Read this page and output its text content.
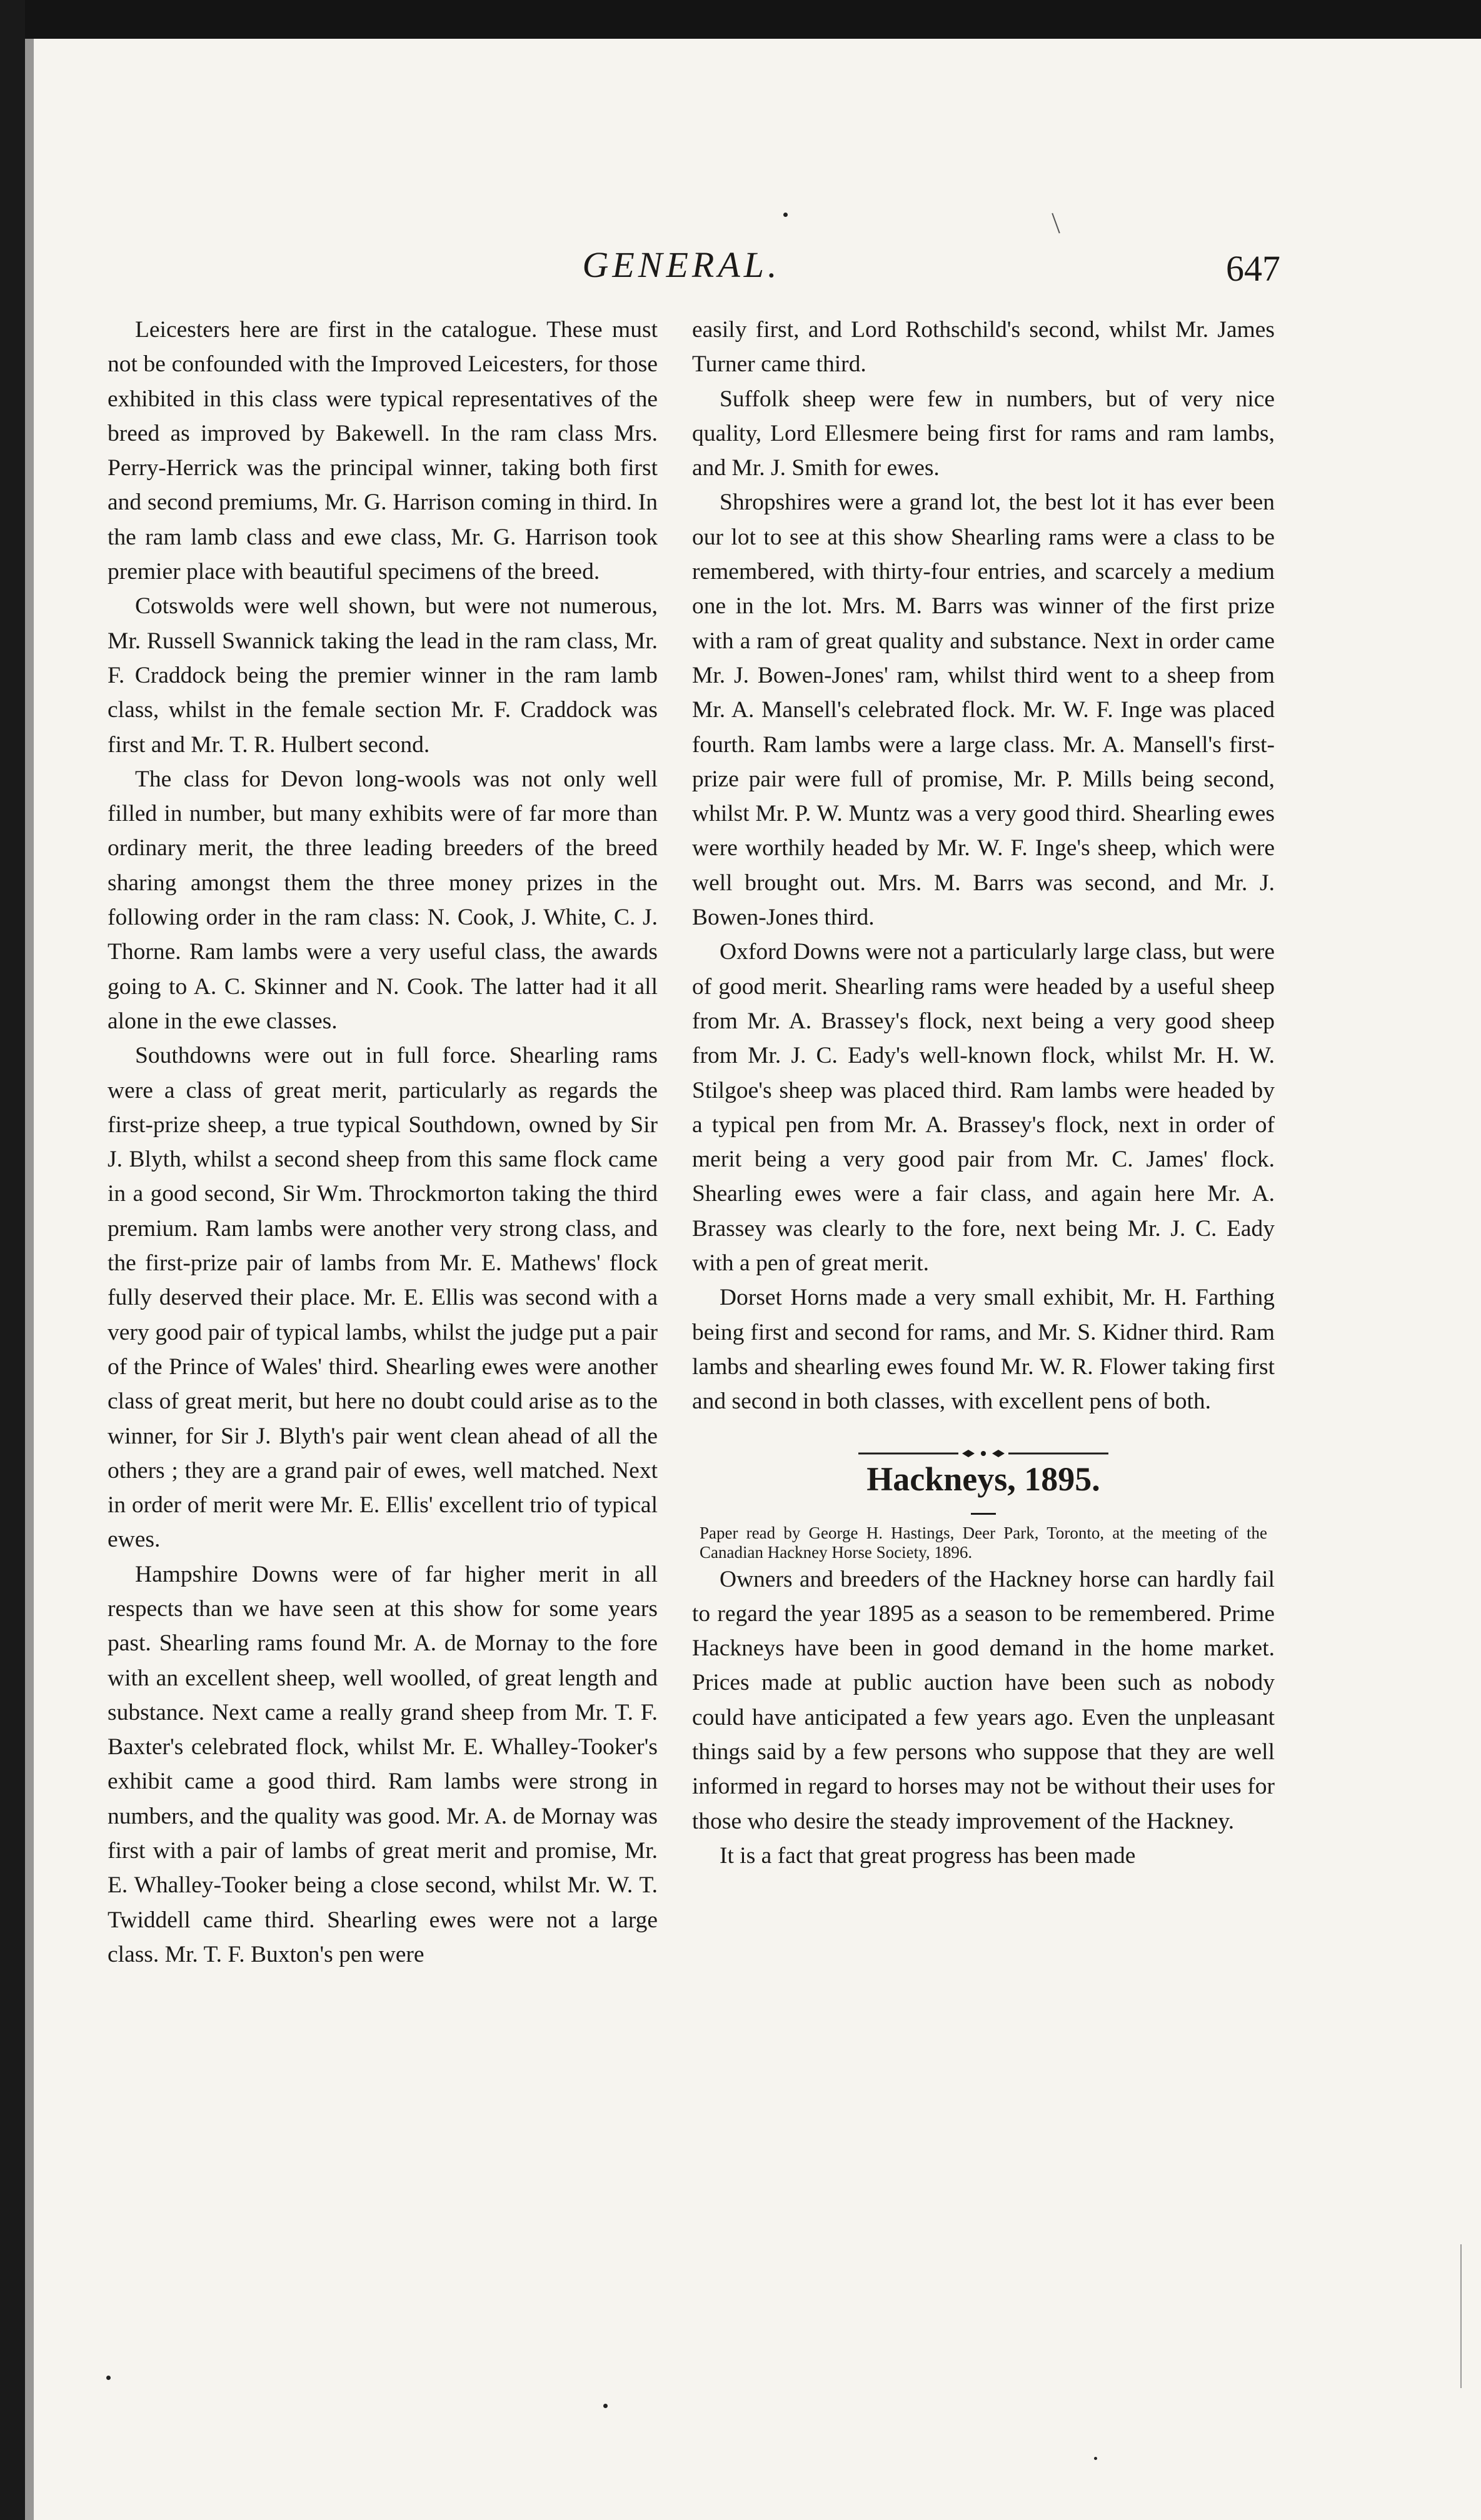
GENERAL.	647

Leicesters here are first in the catalogue. These must not be confounded with the Improved Leicesters, for those exhibited in this class were typical representatives of the breed as improved by Bakewell. In the ram class Mrs. Perry-Herrick was the principal winner, taking both first and second premiums, Mr. G. Harrison coming in third. In the ram lamb class and ewe class, Mr. G. Harrison took premier place with beautiful specimens of the breed.

Cotswolds were well shown, but were not numerous, Mr. Russell Swannick taking the lead in the ram class, Mr. F. Craddock being the premier winner in the ram lamb class, whilst in the female section Mr. F. Craddock was first and Mr. T. R. Hulbert second.

The class for Devon long-wools was not only well filled in number, but many exhibits were of far more than ordinary merit, the three leading breeders of the breed sharing amongst them the three money prizes in the following order in the ram class: N. Cook, J. White, C. J. Thorne. Ram lambs were a very useful class, the awards going to A. C. Skinner and N. Cook. The latter had it all alone in the ewe classes.

Southdowns were out in full force. Shearling rams were a class of great merit, particularly as regards the first-prize sheep, a true typical Southdown, owned by Sir J. Blyth, whilst a second sheep from this same flock came in a good second, Sir Wm. Throckmorton taking the third premium. Ram lambs were another very strong class, and the first-prize pair of lambs from Mr. E. Mathews' flock fully deserved their place. Mr. E. Ellis was second with a very good pair of typical lambs, whilst the judge put a pair of the Prince of Wales' third. Shearling ewes were another class of great merit, but here no doubt could arise as to the winner, for Sir J. Blyth's pair went clean ahead of all the others ; they are a grand pair of ewes, well matched. Next in order of merit were Mr. E. Ellis' excellent trio of typical ewes.

Hampshire Downs were of far higher merit in all respects than we have seen at this show for some years past. Shearling rams found Mr. A. de Mornay to the fore with an excellent sheep, well woolled, of great length and substance. Next came a really grand sheep from Mr. T. F. Baxter's celebrated flock, whilst Mr. E. Whalley-Tooker's exhibit came a good third. Ram lambs were strong in numbers, and the quality was good. Mr. A. de Mornay was first with a pair of lambs of great merit and promise, Mr. E. Whalley-Tooker being a close second, whilst Mr. W. T. Twiddell came third. Shearling ewes were not a large class. Mr. T. F. Buxton's pen were

easily first, and Lord Rothschild's second, whilst Mr. James Turner came third.

Suffolk sheep were few in numbers, but of very nice quality, Lord Ellesmere being first for rams and ram lambs, and Mr. J. Smith for ewes.

Shropshires were a grand lot, the best lot it has ever been our lot to see at this show Shearling rams were a class to be remembered, with thirty-four entries, and scarcely a medium one in the lot. Mrs. M. Barrs was winner of the first prize with a ram of great quality and substance. Next in order came Mr. J. Bowen-Jones' ram, whilst third went to a sheep from Mr. A. Mansell's celebrated flock. Mr. W. F. Inge was placed fourth. Ram lambs were a large class. Mr. A. Mansell's first-prize pair were full of promise, Mr. P. Mills being second, whilst Mr. P. W. Muntz was a very good third. Shearling ewes were worthily headed by Mr. W. F. Inge's sheep, which were well brought out. Mrs. M. Barrs was second, and Mr. J. Bowen-Jones third.

Oxford Downs were not a particularly large class, but were of good merit. Shearling rams were headed by a useful sheep from Mr. A. Brassey's flock, next being a very good sheep from Mr. J. C. Eady's well-known flock, whilst Mr. H. W. Stilgoe's sheep was placed third. Ram lambs were headed by a typical pen from Mr. A. Brassey's flock, next in order of merit being a very good pair from Mr. C. James' flock. Shearling ewes were a fair class, and again here Mr. A. Brassey was clearly to the fore, next being Mr. J. C. Eady with a pen of great merit.

Dorset Horns made a very small exhibit, Mr. H. Farthing being first and second for rams, and Mr. S. Kidner third. Ram lambs and shearling ewes found Mr. W. R. Flower taking first and second in both classes, with excellent pens of both.

Hackneys, 1895.

Paper read by George H. Hastings, Deer Park, Toronto, at the meeting of the Canadian Hackney Horse Society, 1896.

Owners and breeders of the Hackney horse can hardly fail to regard the year 1895 as a season to be remembered. Prime Hackneys have been in good demand in the home market. Prices made at public auction have been such as nobody could have anticipated a few years ago. Even the unpleasant things said by a few persons who suppose that they are well informed in regard to horses may not be without their uses for those who desire the steady improvement of the Hackney.

It is a fact that great progress has been made
